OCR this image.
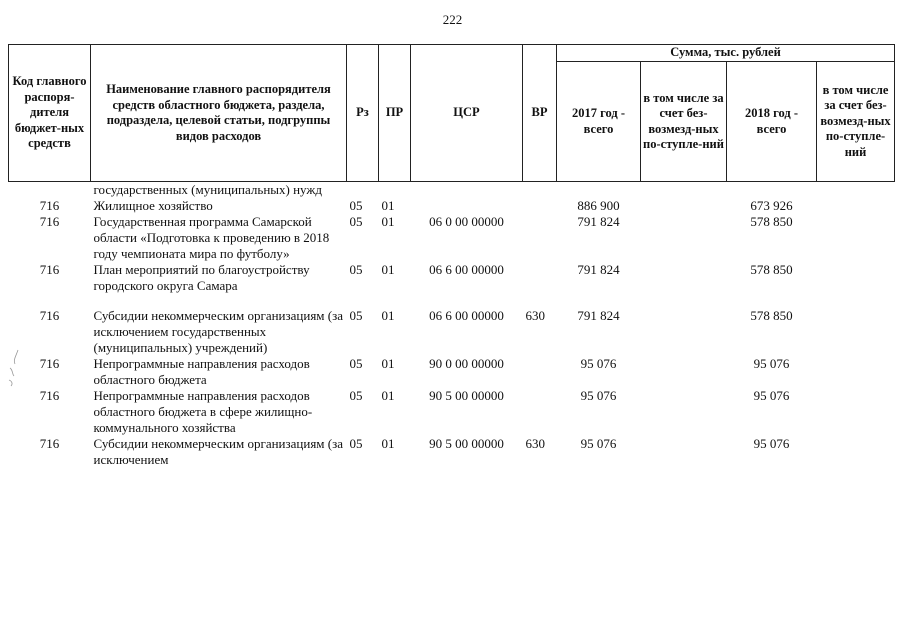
222
Код главного распоря-дителя бюджет-ных средств	Наименование главного распорядителя средств областного бюджета, раздела, подраздела, целевой статьи, подгруппы видов расходов	Рз	ПР	ЦСР	ВР	Сумма, тыс. рублей			
						2017 год - всего	в том числе за счет без-возмезд-ных по-ступле-ний	2018 год - всего	в том числе за счет без-возмезд-ных по-ступле-ний
	государственных (муниципальных) нужд								
716	Жилищное хозяйство	05	01			886 900		673 926	
716	Государственная программа Самарской области «Подготовка к проведению в 2018 году чемпионата мира по футболу»	05	01	06 0 00 00000		791 824		578 850	
716	План мероприятий по благоустройству городского округа Самара	05	01	06 6 00 00000		791 824		578 850	

716	Субсидии некоммерческим организациям (за исключением государственных (муниципальных) учреждений)	05	01	06 6 00 00000	630	791 824		578 850	
716	Непрограммные направления расходов областного бюджета	05	01	90 0 00 00000		95 076		95 076	
716	Непрограммные направления расходов областного бюджета в сфере жилищно-коммунального хозяйства	05	01	90 5 00 00000		95 076		95 076	
716	Субсидии некоммерческим организациям (за исключением	05	01	90 5 00 00000	630	95 076		95 076	
